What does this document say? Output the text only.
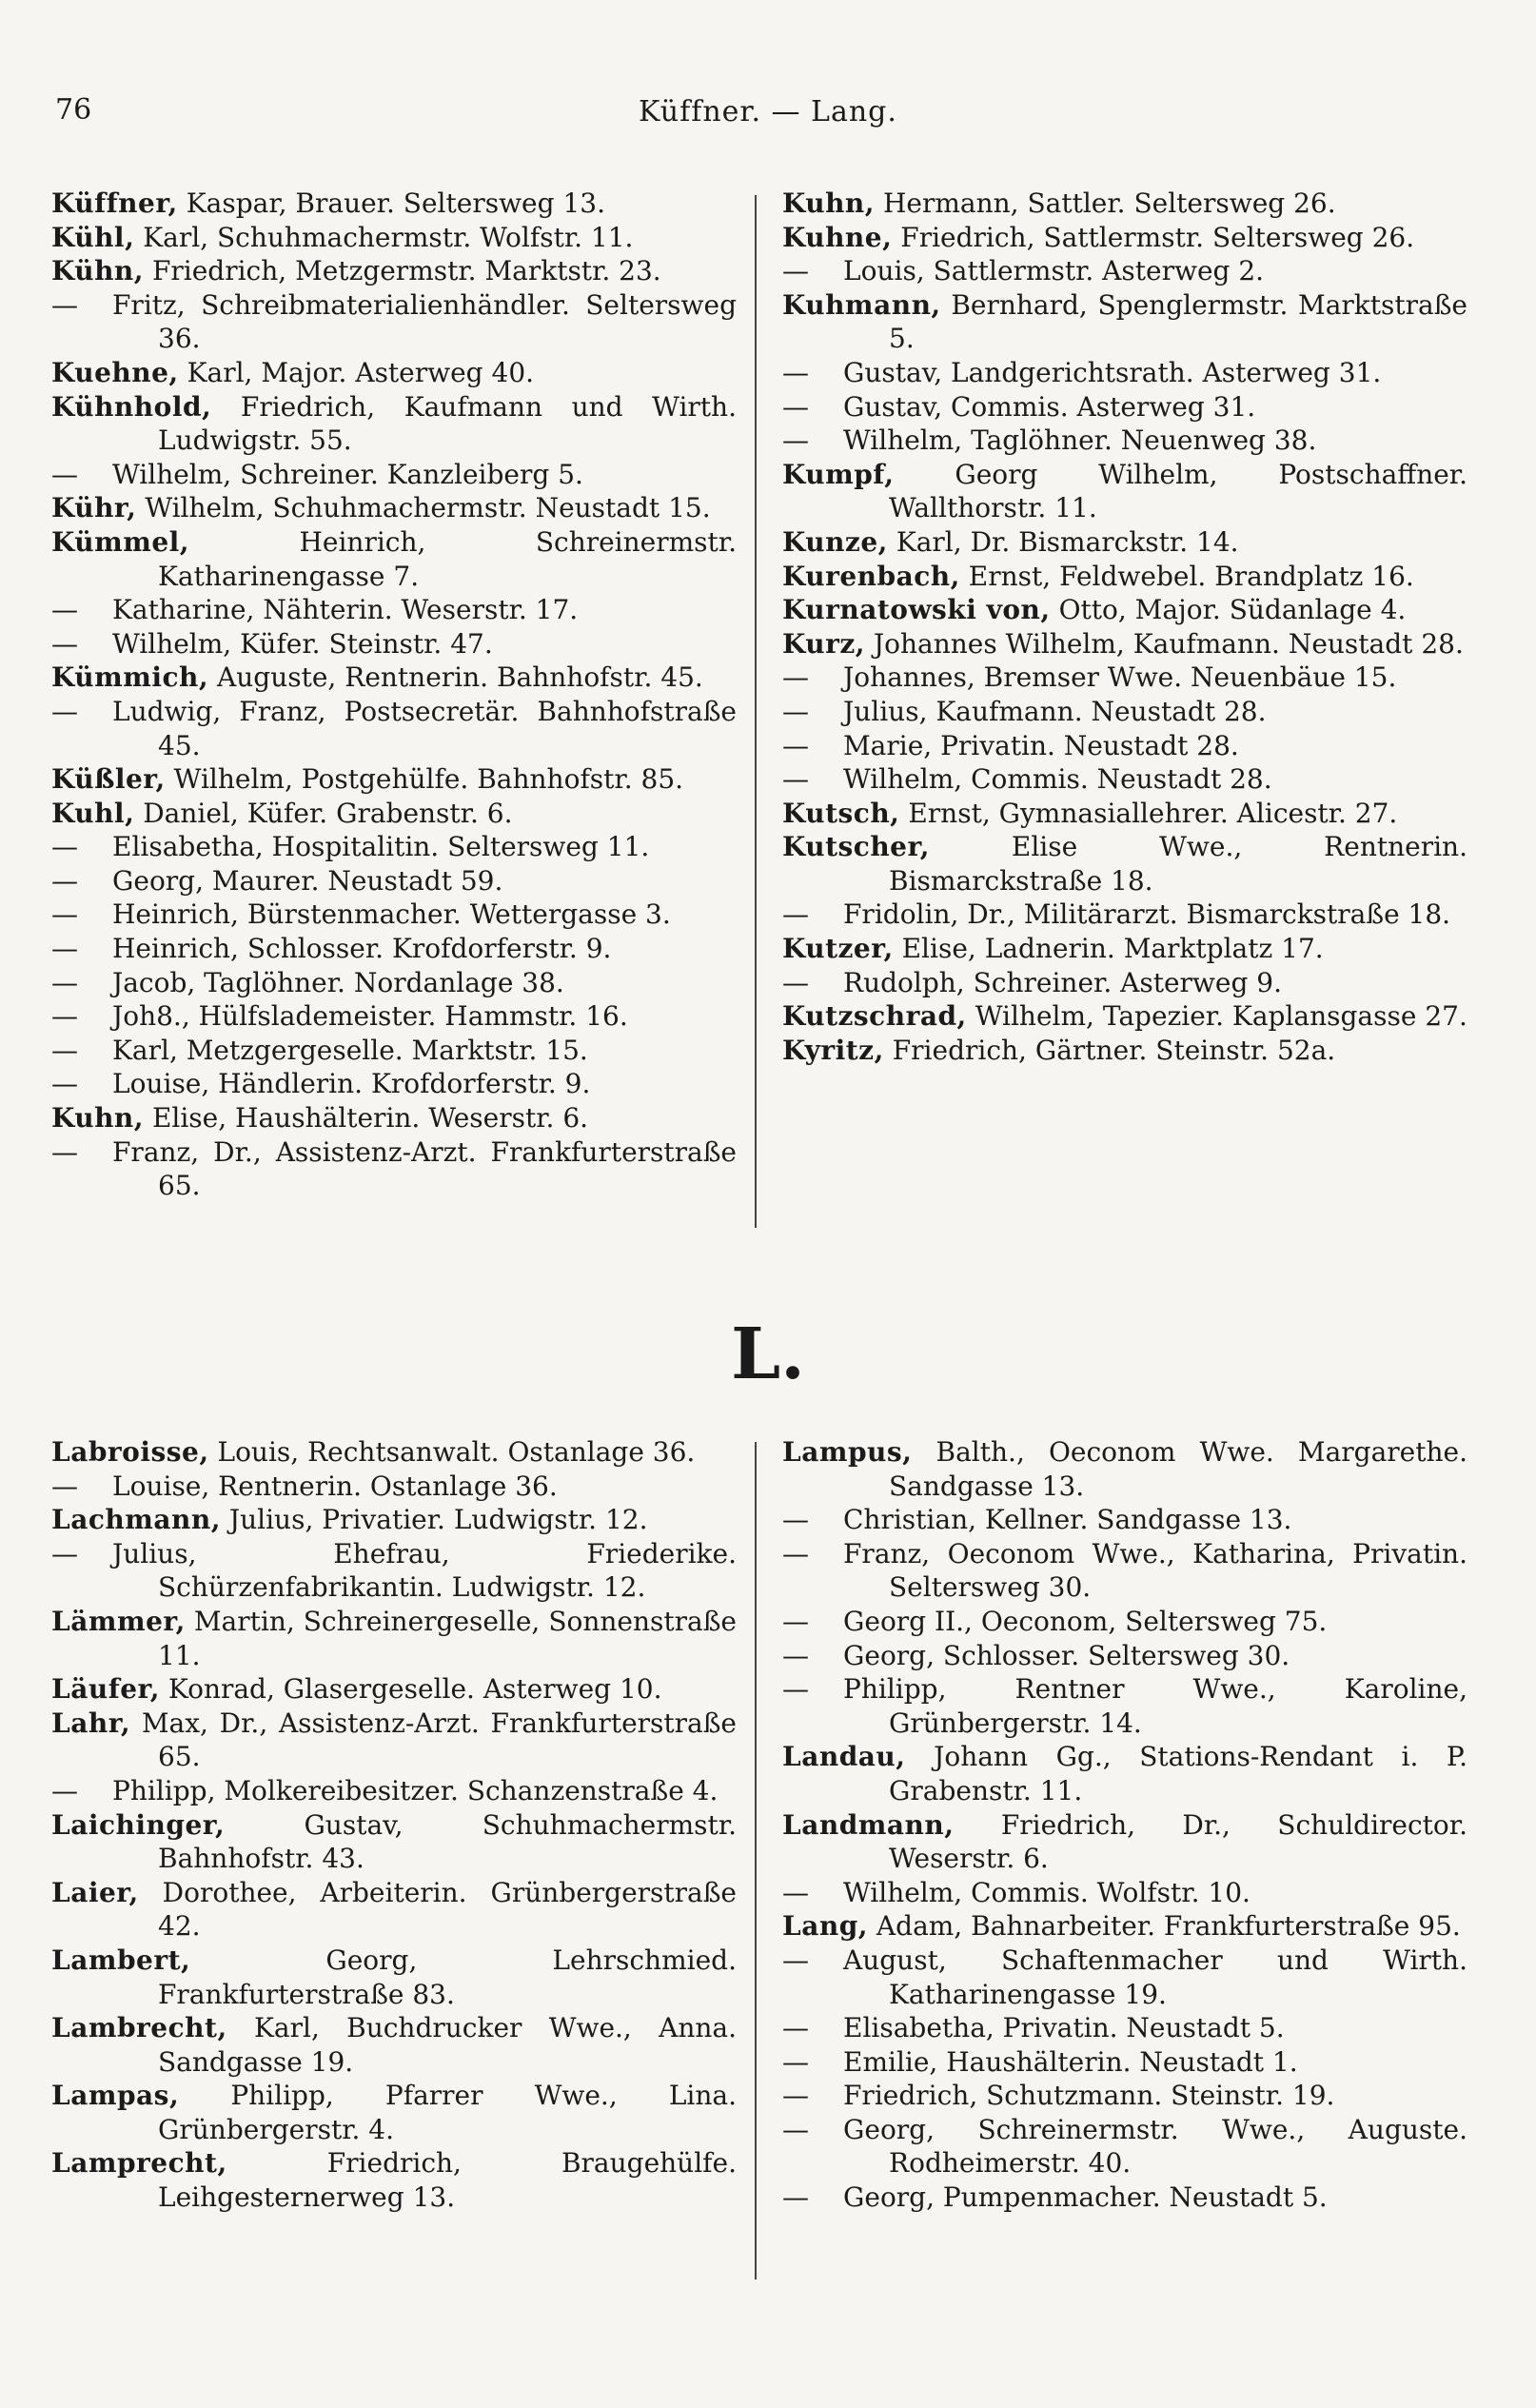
76	Küffner. — Lang.
Küffner, Kaspar, Brauer. Seltersweg 13.
Kühl, Karl, Schuhmachermstr. Wolfstr. 11.
Kühn, Friedrich, Metzgermstr. Marktstr. 23.
— Fritz, Schreibmaterialienhändler. Seltersweg 36.
Kuehne, Karl, Major. Asterweg 40.
Kühnhold, Friedrich, Kaufmann und Wirth. Ludwigstr. 55.
— Wilhelm, Schreiner. Kanzleiberg 5.
Kühr, Wilhelm, Schuhmachermstr. Neustadt 15.
Kümmel,	Heinrich, Schreinermstr. Katharinengasse 7.
— Katharine, Nähterin. Weserstr. 17.
— Wilhelm, Küfer. Steinstr. 47.
Kümmich, Auguste, Rentnerin. Bahnhofstr. 45.
— Ludwig, Franz, Postsecretär. Bahnhofstraße 45.
Küßler, Wilhelm, Postgehülfe. Bahnhofstr. 85.
Kuhl, Daniel, Küfer. Grabenstr. 6.
— Elisabetha, Hospitalitin. Seltersweg 11.
— Georg, Maurer. Neustadt 59.
— Heinrich, Bürstenmacher. Wettergasse 3.
— Heinrich, Schlosser. Krofdorferstr. 9.
— Jacob, Taglöhner. Nordanlage 38.
— Joh8., Hülfslademeister. Hammstr. 16.
— Karl, Metzgergeselle. Marktstr. 15.
— Louise, Händlerin. Krofdorferstr. 9.
Kuhn, Elise, Haushälterin. Weserstr. 6.
— Franz, Dr., Assistenz-Arzt. Frankfurterstraße 65.
Kuhn, Hermann, Sattler. Seltersweg 26.
Kuhne, Friedrich, Sattlermstr. Seltersweg 26.
— Louis, Sattlermstr. Asterweg 2.
Kuhmann, Bernhard, Spenglermstr. Marktstraße 5.
— Gustav, Landgerichtsrath. Asterweg 31.
— Gustav, Commis. Asterweg 31.
— Wilhelm, Taglöhner. Neuenweg 38.
Kumpf, Georg Wilhelm, Postschaffner. Wallthorstr. 11.
Kunze, Karl, Dr. Bismarckstr. 14.
Kurenbach, Ernst, Feldwebel. Brandplatz 16.
Kurnatowski von, Otto, Major. Südanlage 4.
Kurz, Johannes Wilhelm, Kaufmann. Neustadt 28.
— Johannes, Bremser Wwe. Neuenbäue 15.
— Julius, Kaufmann. Neustadt 28.
— Marie, Privatin. Neustadt 28.
— Wilhelm, Commis. Neustadt 28.
Kutsch, Ernst, Gymnasiallehrer. Alicestr. 27.
Kutscher,	Elise Wwe., Rentnerin. Bismarckstraße 18.
— Fridolin, Dr., Militärarzt. Bismarckstraße 18.
Kutzer, Elise, Ladnerin. Marktplatz 17.
— Rudolph, Schreiner. Asterweg 9.
Kutzschrad, Wilhelm, Tapezier. Kaplansgasse 27.
Kyritz, Friedrich, Gärtner. Steinstr. 52a.
L.
Labroisse, Louis, Rechtsanwalt. Ostanlage 36.
— Louise, Rentnerin. Ostanlage 36.
Lachmann, Julius, Privatier. Ludwigstr. 12.
— Julius, Ehefrau, Friederike. Schürzenfabrikantin. Ludwigstr. 12.
Lämmer, Martin, Schreinergeselle, Sonnenstraße 11.
Läufer, Konrad, Glasergeselle. Asterweg 10.
Lahr, Max, Dr., Assistenz-Arzt. Frankfurterstraße 65.
— Philipp, Molkereibesitzer. Schanzenstraße 4.
Laichinger,	Gustav, Schuhmachermstr. Bahnhofstr. 43.
Laier, Dorothee, Arbeiterin. Grünbergerstraße 42.
Lambert,	Georg, Lehrschmied. Frankfurterstraße 83.
Lambrecht, Karl, Buchdrucker Wwe., Anna. Sandgasse 19.
Lampas, Philipp, Pfarrer Wwe., Lina. Grünbergerstr. 4.
Lamprecht,	Friedrich, Braugehülfe. Leihgesternerweg 13.
Lampus, Balth., Oeconom Wwe. Margarethe. Sandgasse 13.
— Christian, Kellner. Sandgasse 13.
— Franz, Oeconom Wwe., Katharina, Privatin. Seltersweg 30.
— Georg II., Oeconom, Seltersweg 75.
— Georg, Schlosser. Seltersweg 30.
— Philipp, Rentner Wwe., Karoline, Grünbergerstr. 14.
Landau, Johann Gg., Stations-Rendant i. P. Grabenstr. 11.
Landmann, Friedrich, Dr., Schuldirector. Weserstr. 6.
— Wilhelm, Commis. Wolfstr. 10.
Lang, Adam, Bahnarbeiter. Frankfurterstraße 95.
— August, Schaftenmacher und Wirth. Katharinengasse 19.
— Elisabetha, Privatin. Neustadt 5.
— Emilie, Haushälterin. Neustadt 1.
— Friedrich, Schutzmann. Steinstr. 19.
— Georg, Schreinermstr. Wwe., Auguste. Rodheimerstr. 40.
— Georg, Pumpenmacher. Neustadt 5.
